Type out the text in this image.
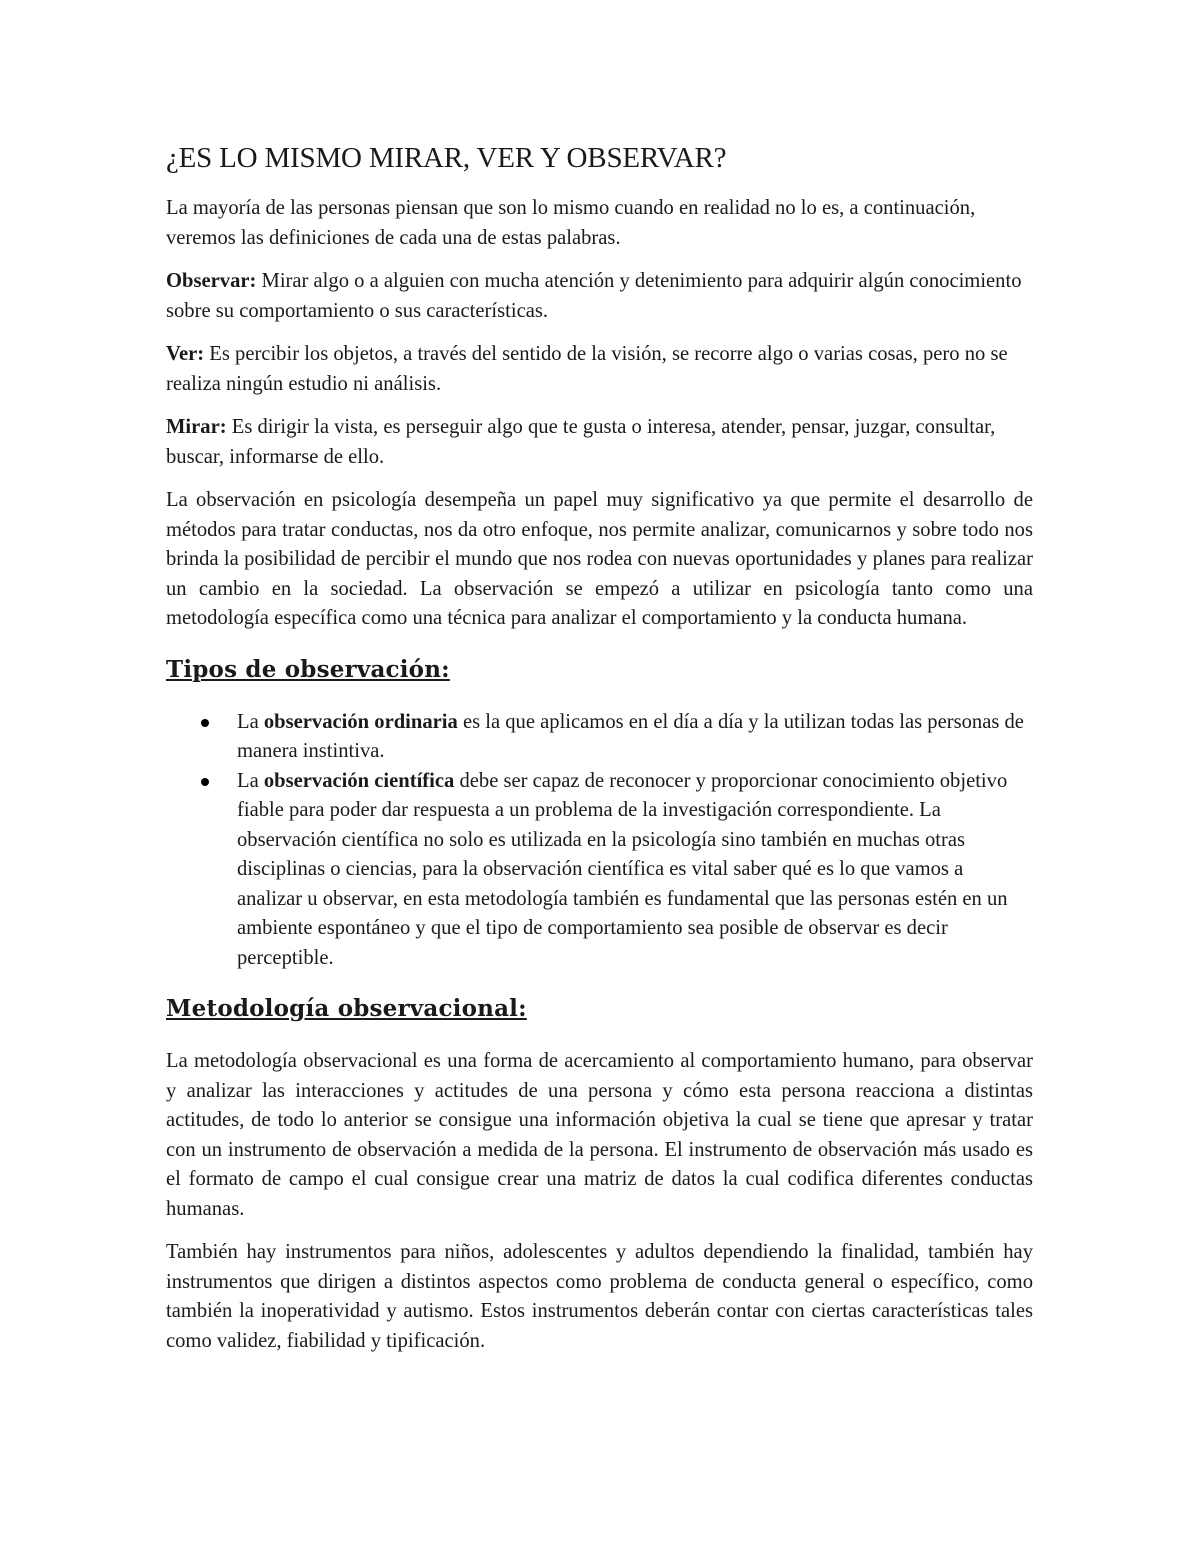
¿ES LO MISMO MIRAR, VER Y OBSERVAR?

La mayoría de las personas piensan que son lo mismo cuando en realidad no lo es, a continuación, veremos las definiciones de cada una de estas palabras.

Observar: Mirar algo o a alguien con mucha atención y detenimiento para adquirir algún conocimiento sobre su comportamiento o sus características.

Ver: Es percibir los objetos, a través del sentido de la visión, se recorre algo o varias cosas, pero no se realiza ningún estudio ni análisis.

Mirar: Es dirigir la vista, es perseguir algo que te gusta o interesa, atender, pensar, juzgar, consultar, buscar, informarse de ello.

La observación en psicología desempeña un papel muy significativo ya que permite el desarrollo de métodos para tratar conductas, nos da otro enfoque, nos permite analizar, comunicarnos y sobre todo nos brinda la posibilidad de percibir el mundo que nos rodea con nuevas oportunidades y planes para realizar un cambio en la sociedad. La observación se empezó a utilizar en psicología tanto como una metodología específica como una técnica para analizar el comportamiento y la conducta humana.

Tipos de observación:
La observación ordinaria es la que aplicamos en el día a día y la utilizan todas las personas de manera instintiva.
La observación científica debe ser capaz de reconocer y proporcionar conocimiento objetivo fiable para poder dar respuesta a un problema de la investigación correspondiente. La observación científica no solo es utilizada en la psicología sino también en muchas otras disciplinas o ciencias, para la observación científica es vital saber qué es lo que vamos a analizar u observar, en esta metodología también es fundamental que las personas estén en un ambiente espontáneo y que el tipo de comportamiento sea posible de observar es decir perceptible.
Metodología observacional:

La metodología observacional es una forma de acercamiento al comportamiento humano, para observar y analizar las interacciones y actitudes de una persona y cómo esta persona reacciona a distintas actitudes, de todo lo anterior se consigue una información objetiva la cual se tiene que apresar y tratar con un instrumento de observación a medida de la persona. El instrumento de observación más usado es el formato de campo el cual consigue crear una matriz de datos la cual codifica diferentes conductas humanas.

También hay instrumentos para niños, adolescentes y adultos dependiendo la finalidad, también hay instrumentos que dirigen a distintos aspectos como problema de conducta general o específico, como también la inoperatividad y autismo. Estos instrumentos deberán contar con ciertas características tales como validez, fiabilidad y tipificación.
